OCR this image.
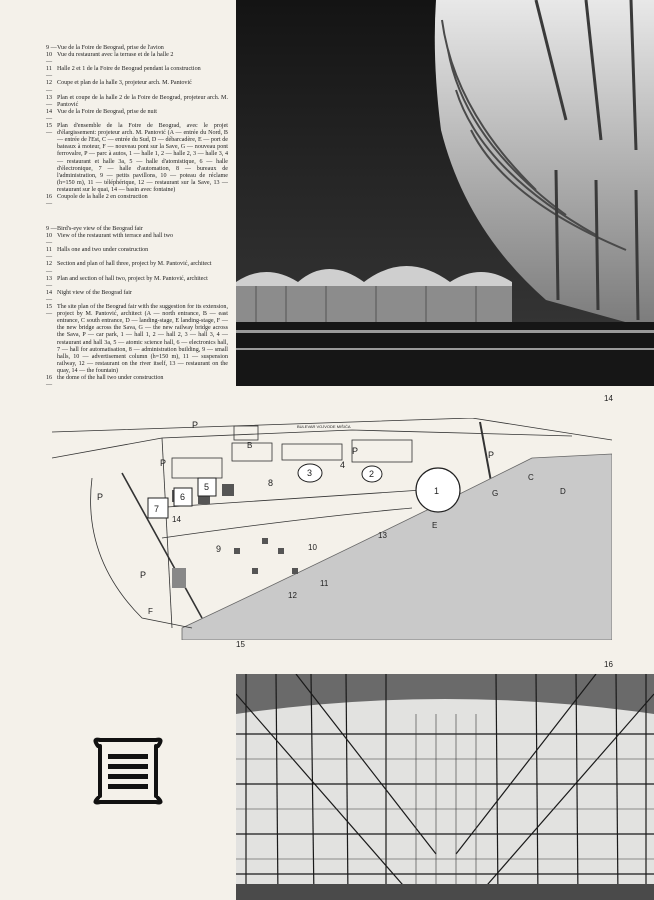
9 — Vue de la Foire de Beograd, prise de l'avion
10 —
Vue du restaurant avec la terrase et de la halle 2
11 —
Halle 2 et 1 de la Foire de Beograd pendant la construction
12 —
Coupe et plan de la halle 3, projeteur arch. M. Pantović
13 —
Plan et coupe de la halle 2 de la Foire de Beograd, projeteur arch. M. Pantović
14 —
Vue de la Foire de Beograd, prise de nuit
15 —
Plan d'ensemble de la Foire de Beograd, avec le projet d'élargissement: projeteur arch. M. Pantović (A — entrée du Nord, B — entrée de l'Est, C — entrée du Sud, D — débarcadère, E — port de bateaux à moteur, F — nouveau pont sur la Save, G — nouveau pont ferrovalre, P — parc à autos, 1 — halle 1, 2 — halle 2, 3 — halle 3, 4 — restaurant et halle 3a, 5 — halle d'atomistique, 6 — halle d'électronique, 7 — halle d'automation, 8 — bureaux de l'administration, 9 — petits pavillons, 10 — poteau de réclame (h=150 m), 11 — téléphérique, 12 — restaurant sur la Save, 13 — restaurant sur le quai, 14 — basin avec fontaine)
16 —
Coupole de la halle 2 en construction
9 — Bird's-eye view of the Beograd fair
10 —
View of the restaurant with terrace and hall two
11 —
Halls one and two under construction
12 —
Section and plan of hall three, project by M. Pantović, architect
13 —
Plan and section of hall two, project by M. Pantović, architect
14 —
Night view of the Beograd fair
15 —
The site plan of the Beograd fair with the suggestion for its extension, project by M. Pantović, architect (A — north entrance, B — east entrance, C south entrance, D — landing-stage, E landing-stage, F — the new bridge across the Sava, G — the new railway bridge across the Sava, P — car park, 1 — hall 1, 2 — hall 2, 3 — hall 3, 4 — restaurant and hall 3a, 5 — atomic science hall, 6 — electronics hall, 7 — hall for automatisation, 8 — administration building, 9 — small halls, 10 — advertisement column (h=150 m), 11 — suspension railway, 12 — restaurant on the river itself, 13 — restaurant on the quay, 14 — the fountain)
16 —
the dome of the hall two under construction
14
BULEVAR VOJVODE MIŠIĆA
P
P
P
P	P
P
B
C
D
E
F
G
1
2
3
4
5
6
7
8
9	10
11
12
13
14
15
16
